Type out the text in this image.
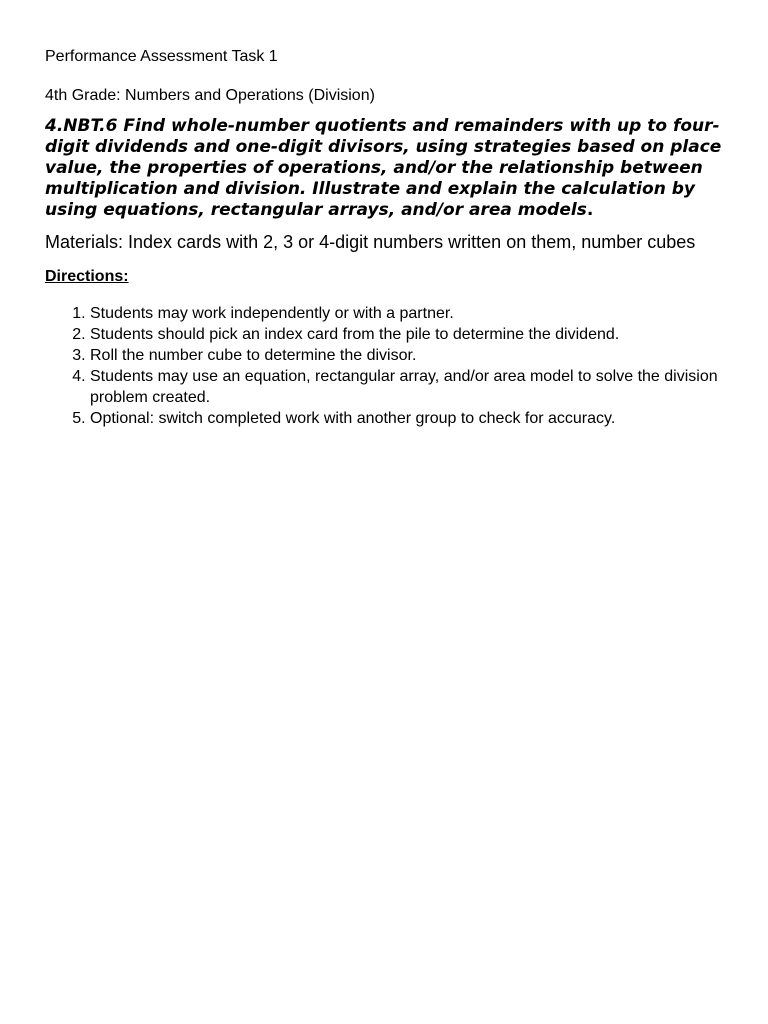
Performance Assessment Task 1

4th Grade: Numbers and Operations (Division)

4.NBT.6 Find whole-number quotients and remainders with up to four-digit dividends and one-digit divisors, using strategies based on place value, the properties of operations, and/or the relationship between multiplication and division. Illustrate and explain the calculation by using equations, rectangular arrays, and/or area models.

Materials: Index cards with 2, 3 or 4-digit numbers written on them, number cubes

Directions:

1. Students may work independently or with a partner.
2. Students should pick an index card from the pile to determine the dividend.
3. Roll the number cube to determine the divisor.
4. Students may use an equation, rectangular array, and/or area model to solve the division problem created.
5. Optional: switch completed work with another group to check for accuracy.
